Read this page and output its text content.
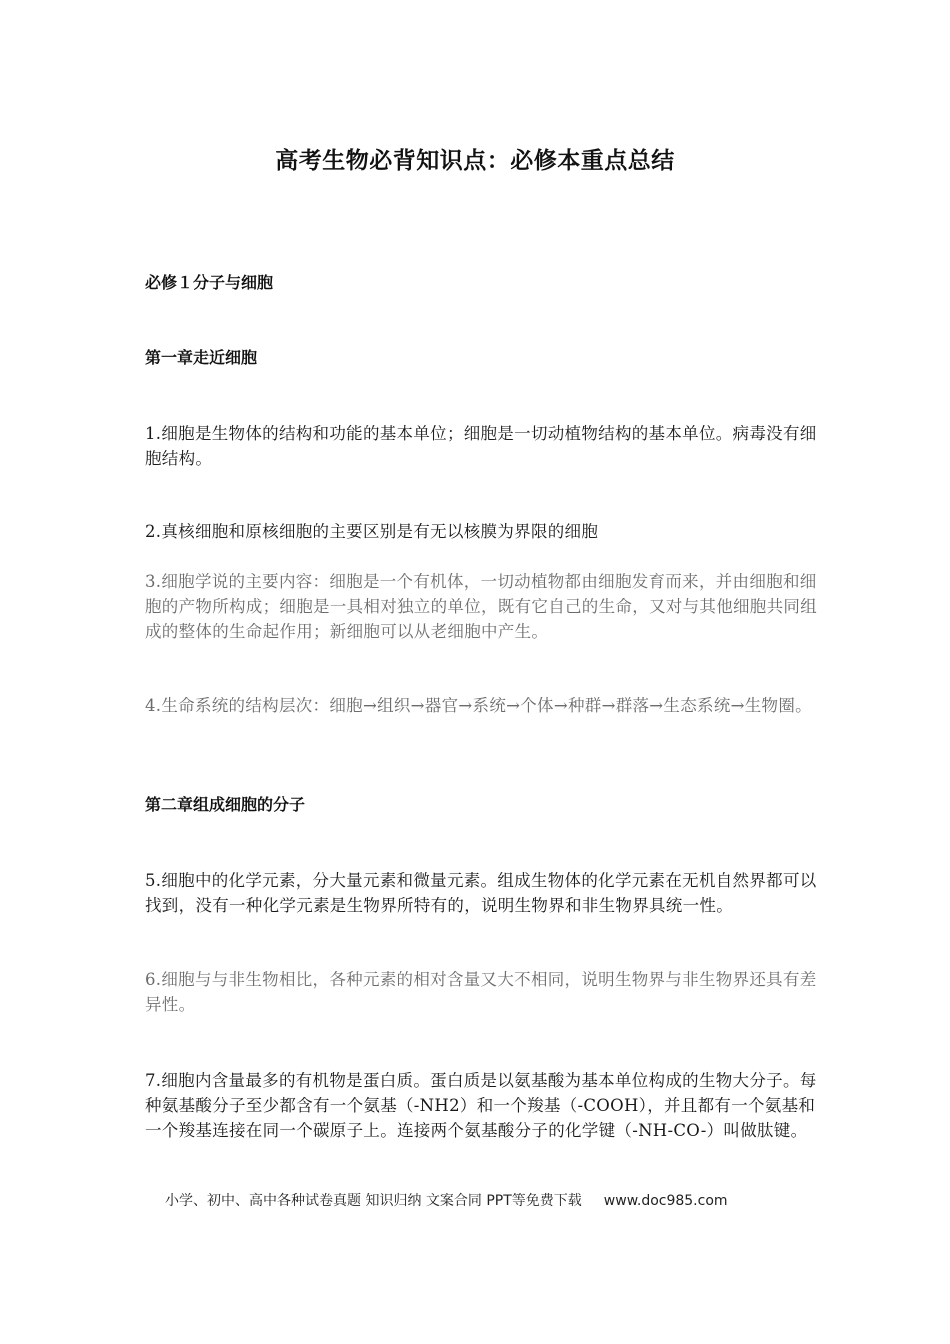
高考生物必背知识点：必修本重点总结
必修１分子与细胞
第一章走近细胞

1.细胞是生物体的结构和功能的基本单位；细胞是一切动植物结构的基本单位。病毒没有细胞结构。

2.真核细胞和原核细胞的主要区别是有无以核膜为界限的细胞

3.细胞学说的主要内容：细胞是一个有机体，一切动植物都由细胞发育而来，并由细胞和细胞的产物所构成；细胞是一具相对独立的单位，既有它自己的生命，又对与其他细胞共同组成的整体的生命起作用；新细胞可以从老细胞中产生。

4.生命系统的结构层次：细胞→组织→器官→系统→个体→种群→群落→生态系统→生物圈。

第二章组成细胞的分子

5.细胞中的化学元素，分大量元素和微量元素。组成生物体的化学元素在无机自然界都可以找到，没有一种化学元素是生物界所特有的，说明生物界和非生物界具统一性。

6.细胞与与非生物相比，各种元素的相对含量又大不相同，说明生物界与非生物界还具有差异性。

7.细胞内含量最多的有机物是蛋白质。蛋白质是以氨基酸为基本单位构成的生物大分子。每种氨基酸分子至少都含有一个氨基（-NH2）和一个羧基（-COOH），并且都有一个氨基和一个羧基连接在同一个碳原子上。连接两个氨基酸分子的化学键（-NH-CO-）叫做肽键。

小学、初中、高中各种试卷真题 知识归纳 文案合同 PPT等免费下载 www.doc985.com
